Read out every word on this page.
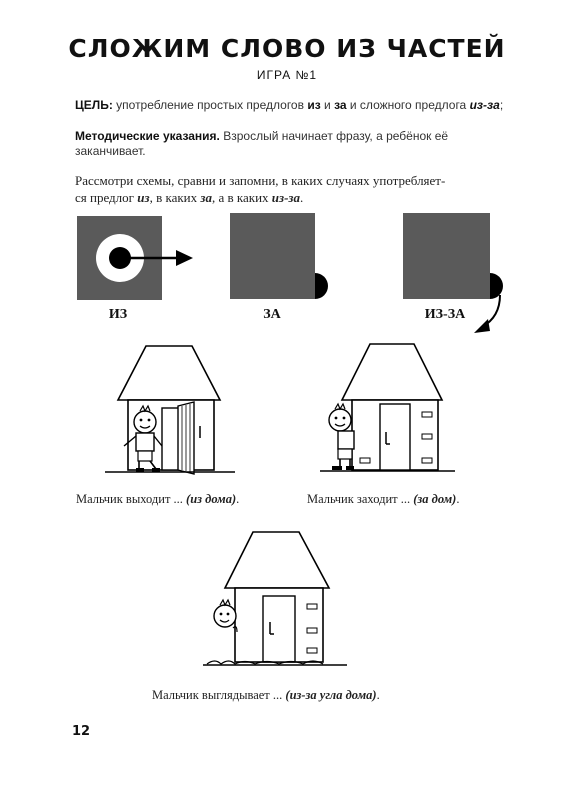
СЛОЖИМ СЛОВО ИЗ ЧАСТЕЙ
ИГРА №1
ЦЕЛЬ: употребление простых предлогов из и за и сложного предлога из-за;
Методические указания. Взрослый начинает фразу, а ребёнок её заканчивает.
Рассмотри схемы, сравни и запомни, в каких случаях употребляет-
ся предлог из, в каких за, а в каких из-за.
ИЗ	ЗА	ИЗ-ЗА
Мальчик выходит ... (из дома).	Мальчик заходит ... (за дом).
Мальчик выглядывает ... (из-за угла дома).
12
